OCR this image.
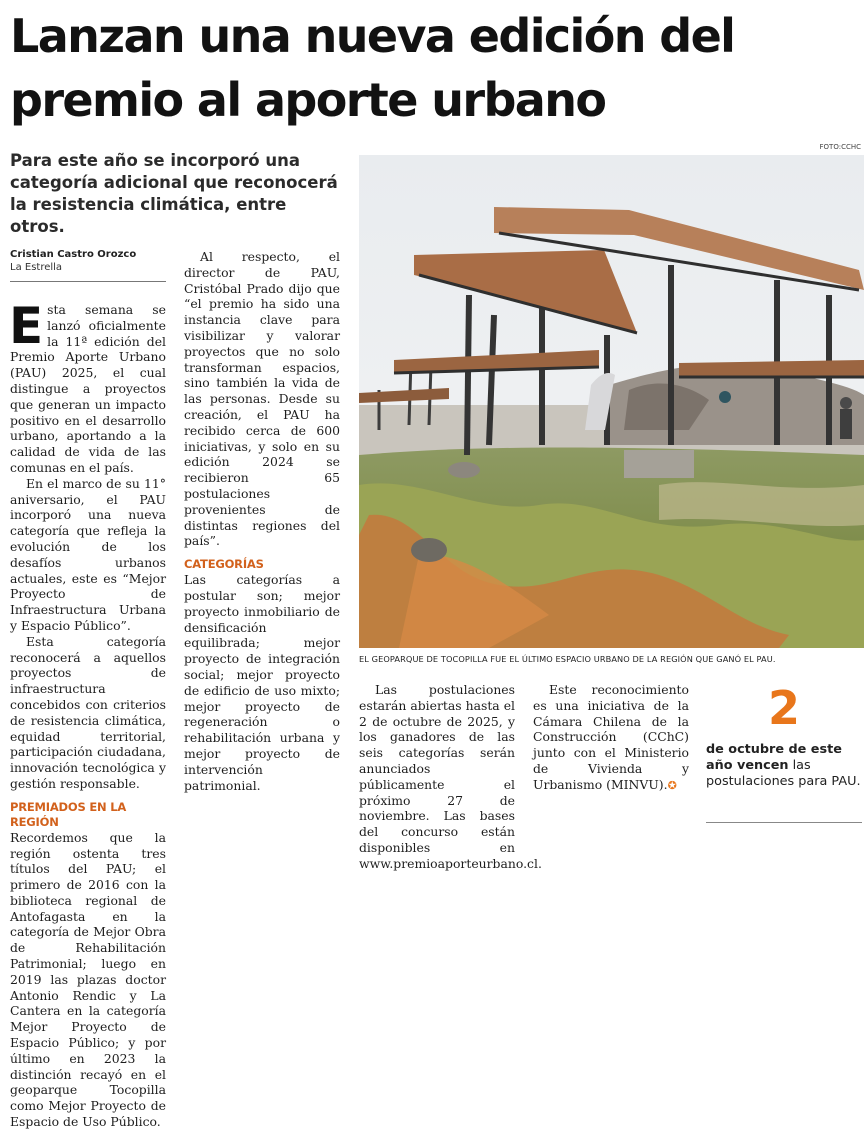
Lanzan una nueva edición del premio al aporte urbano
FOTO:CCHC

Para este año se incorporó una categoría adicional que reconocerá la resistencia climática, entre otros.

Cristian Castro Orozco
La Estrella

Esta semana se lanzó oficialmente la 11ª edición del Premio Aporte Urbano (PAU) 2025, el cual distingue a proyectos que generan un impacto positivo en el desarrollo urbano, aportando a la calidad de vida de las comunas en el país.

En el marco de su 11° aniversario, el PAU incorporó una nueva categoría que refleja la evolución de los desafíos urbanos actuales, este es “Mejor Proyecto de Infraestructura Urbana y Espacio Público”.

Esta categoría reconocerá a aquellos proyectos de infraestructura concebidos con criterios de resistencia climática, equidad territorial, participación ciudadana, innovación tecnológica y gestión responsable.

PREMIADOS EN LA REGIÓN

Recordemos que la región ostenta tres títulos del PAU; el primero de 2016 con la biblioteca regional de Antofagasta en la categoría de Mejor Obra de Rehabilitación Patrimonial; luego en 2019 las plazas doctor Antonio Rendic y La Cantera en la categoría Mejor Proyecto de Espacio Público; y por último en 2023 la distinción recayó en el geoparque Tocopilla como Mejor Proyecto de Espacio de Uso Público.

Al respecto, el director de PAU, Cristóbal Prado dijo que “el premio ha sido una instancia clave para visibilizar y valorar proyectos que no solo transforman espacios, sino también la vida de las personas. Desde su creación, el PAU ha recibido cerca de 600 iniciativas, y solo en su edición 2024 se recibieron 65 postulaciones provenientes de distintas regiones del país”.

CATEGORÍAS

Las categorías a postular son; mejor proyecto inmobiliario de densificación equilibrada; mejor proyecto de integración social; mejor proyecto de edificio de uso mixto; mejor proyecto de regeneración o rehabilitación urbana y mejor proyecto de intervención patrimonial.

Las postulaciones estarán abiertas hasta el 2 de octubre de 2025, y los ganadores de las seis categorías serán anunciados públicamente el próximo 27 de noviembre. Las bases del concurso están disponibles en www.premioaporteurbano.cl.

Este reconocimiento es una iniciativa de la Cámara Chilena de la Construcción (CChC) junto con el Ministerio de Vivienda y Urbanismo (MINVU).✪

EL GEOPARQUE DE TOCOPILLA FUE EL ÚLTIMO ESPACIO URBANO DE LA REGIÓN QUE GANÓ EL PAU.
2
de octubre de este año vencen las postulaciones para PAU.
